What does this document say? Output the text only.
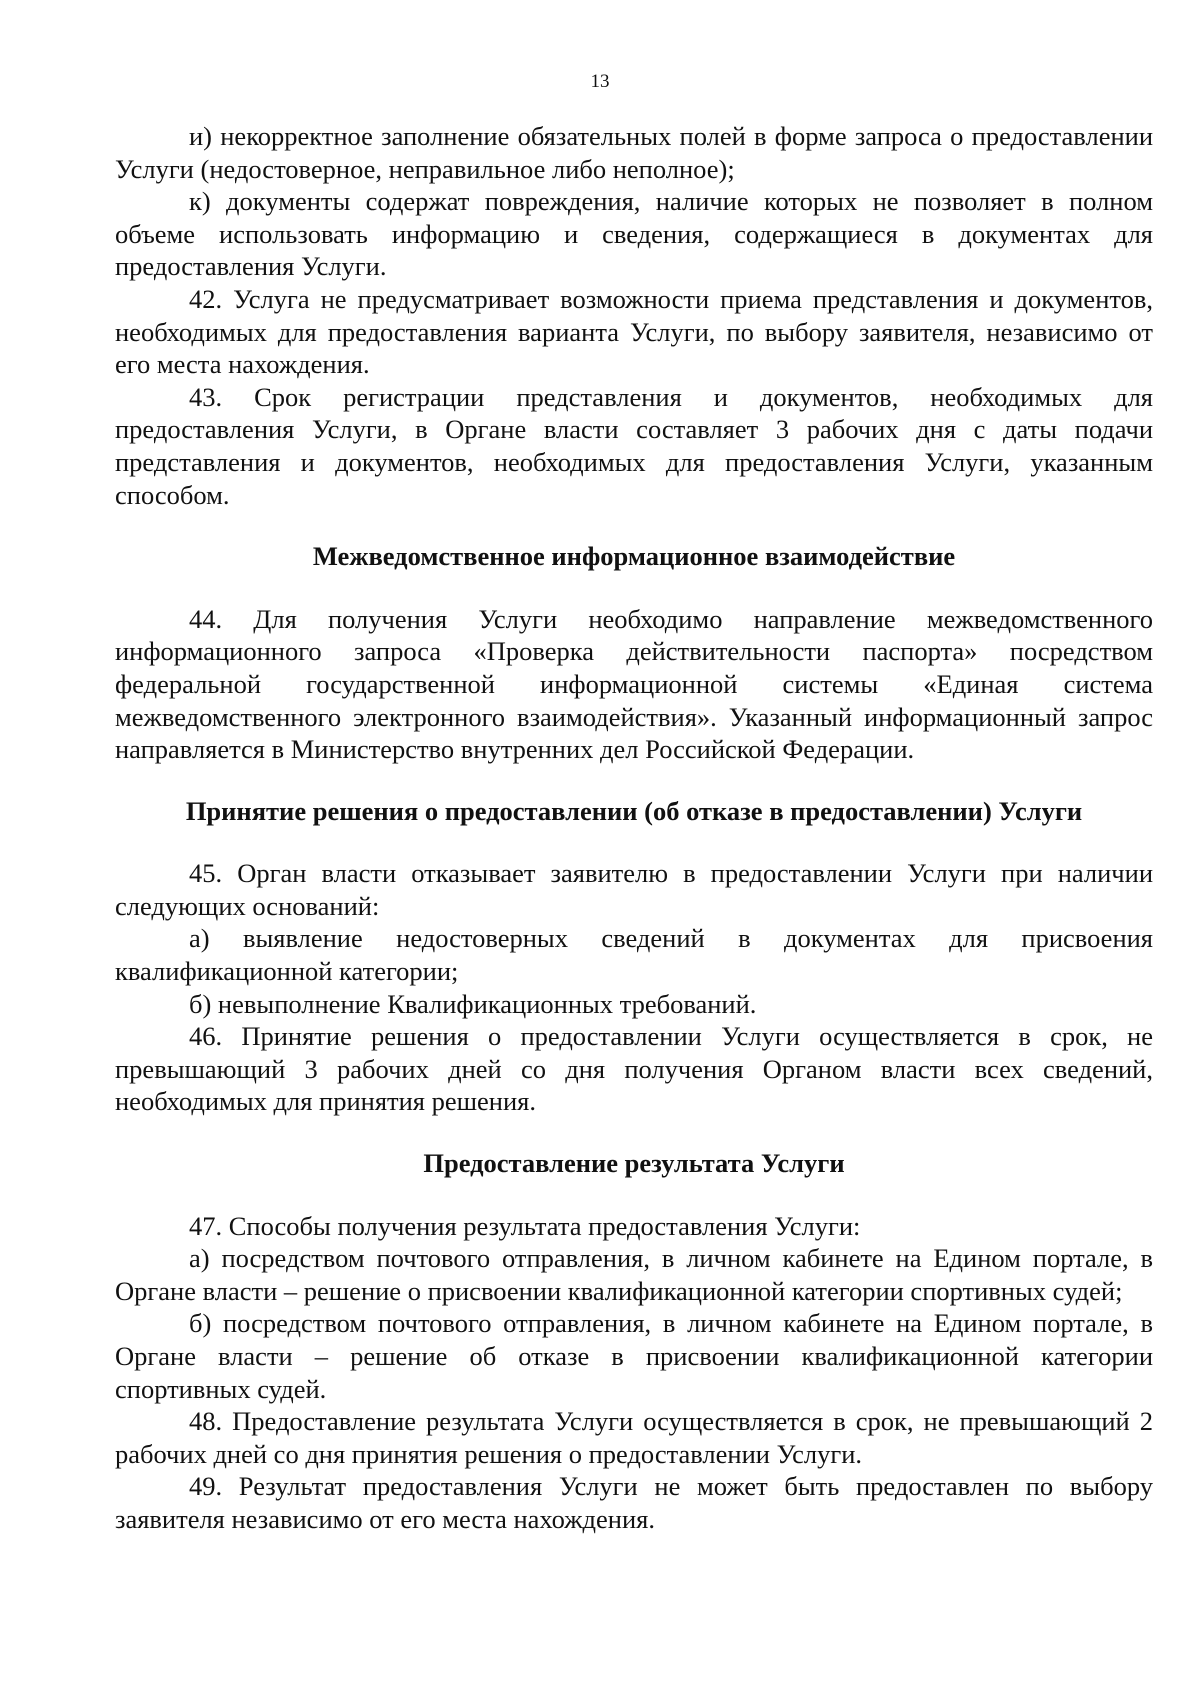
13

и) некорректное заполнение обязательных полей в форме запроса о предоставлении Услуги (недостоверное, неправильное либо неполное);

к) документы содержат повреждения, наличие которых не позволяет в полном объеме использовать информацию и сведения, содержащиеся в документах для предоставления Услуги.

42. Услуга не предусматривает возможности приема представления и документов, необходимых для предоставления варианта Услуги, по выбору заявителя, независимо от его места нахождения.

43. Срок регистрации представления и документов, необходимых для предоставления Услуги, в Органе власти составляет 3 рабочих дня с даты подачи представления и документов, необходимых для предоставления Услуги, указанным способом.

Межведомственное информационное взаимодействие

44. Для получения Услуги необходимо направление межведомственного информационного запроса «Проверка действительности паспорта» посредством федеральной государственной информационной системы «Единая система межведомственного электронного взаимодействия». Указанный информационный запрос направляется в Министерство внутренних дел Российской Федерации.

Принятие решения о предоставлении (об отказе в предоставлении) Услуги

45. Орган власти отказывает заявителю в предоставлении Услуги при наличии следующих оснований:

а) выявление недостоверных сведений в документах для присвоения квалификационной категории;

б) невыполнение Квалификационных требований.

46. Принятие решения о предоставлении Услуги осуществляется в срок, не превышающий 3 рабочих дней со дня получения Органом власти всех сведений, необходимых для принятия решения.

Предоставление результата Услуги

47. Способы получения результата предоставления Услуги:

а) посредством почтового отправления, в личном кабинете на Едином портале, в Органе власти – решение о присвоении квалификационной категории спортивных судей;

б) посредством почтового отправления, в личном кабинете на Едином портале, в Органе власти – решение об отказе в присвоении квалификационной категории спортивных судей.

48. Предоставление результата Услуги осуществляется в срок, не превышающий 2 рабочих дней со дня принятия решения о предоставлении Услуги.

49. Результат предоставления Услуги не может быть предоставлен по выбору заявителя независимо от его места нахождения.
